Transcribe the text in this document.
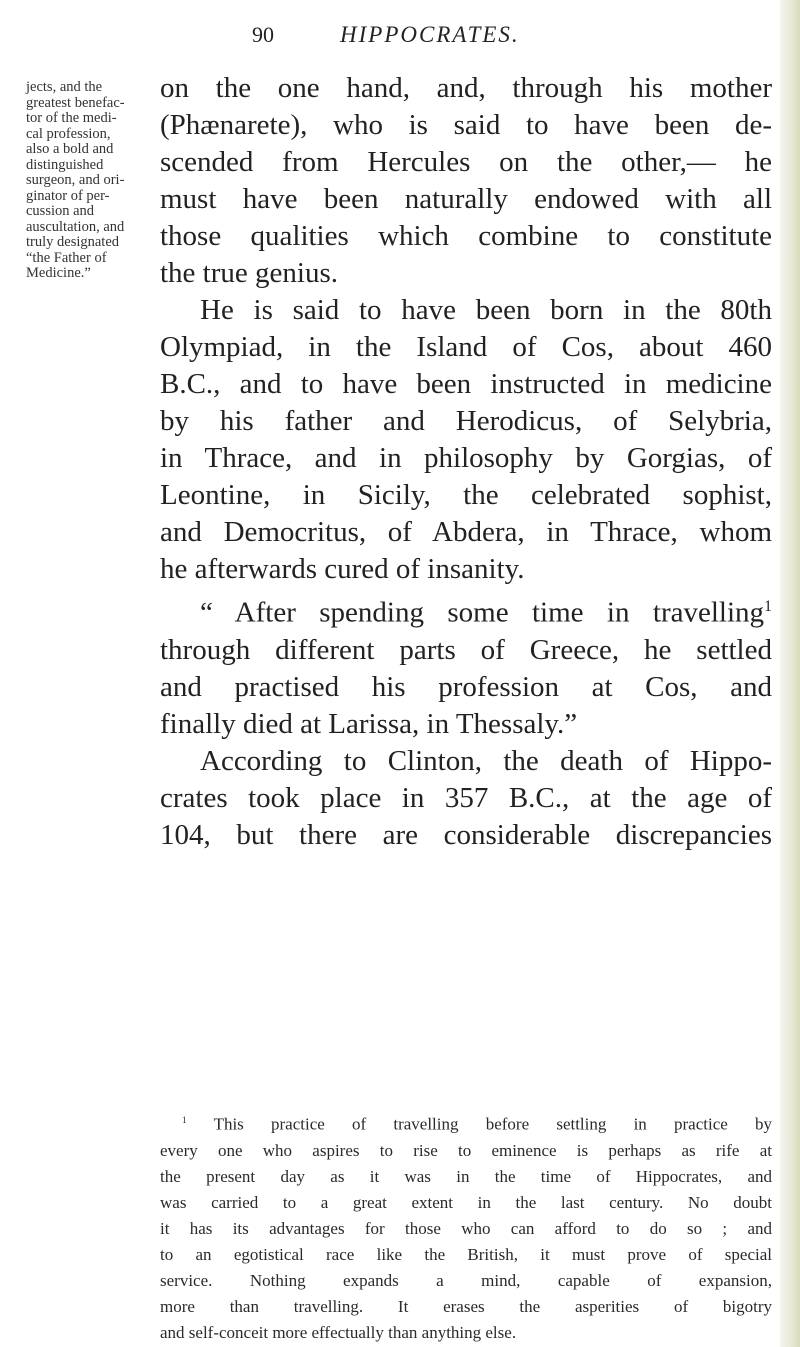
90	HIPPOCRATES.
jects, and the
greatest benefac-
tor of the medi-
cal profession,
also a bold and
distinguished
surgeon, and ori-
ginator of per-
cussion and
auscultation, and
truly designated
“the Father of
Medicine.”
on the one hand, and, through his mother
(Phænarete), who is said to have been de-
scended from Hercules on the other,— he
must have been naturally endowed with all
those qualities which combine to constitute
the true genius.
He is said to have been born in the 80th
Olympiad, in the Island of Cos, about 460
B.C., and to have been instructed in medicine
by his father and Herodicus, of Selybria,
in Thrace, and in philosophy by Gorgias, of
Leontine, in Sicily, the celebrated sophist,
and Democritus, of Abdera, in Thrace, whom
he afterwards cured of insanity.
“ After spending some time in travelling$^1$
through different parts of Greece, he settled
and practised his profession at Cos, and
finally died at Larissa, in Thessaly.”
According to Clinton, the death of Hippo-
crates took place in 357 B.C., at the age of
104, but there are considerable discrepancies
$^1$ This practice of travelling before settling in practice by
every one who aspires to rise to eminence is perhaps as rife at
the present day as it was in the time of Hippocrates, and
was carried to a great extent in the last century. No doubt
it has its advantages for those who can afford to do so ; and
to an egotistical race like the British, it must prove of special
service. Nothing expands a mind, capable of expansion,
more than travelling. It erases the asperities of bigotry
and self-conceit more effectually than anything else.
